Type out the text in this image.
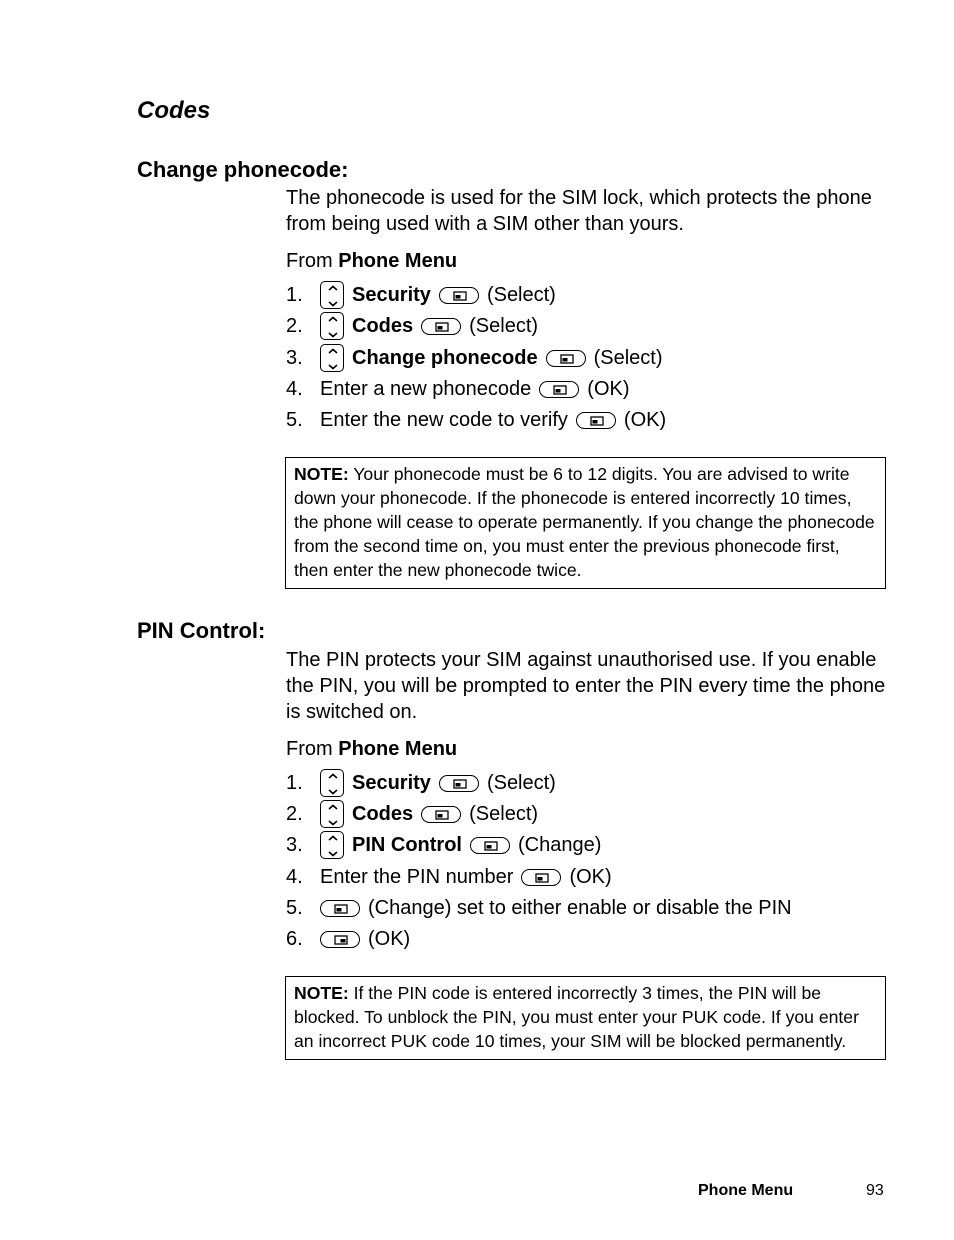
Codes
Change phonecode:
The phonecode is used for the SIM lock, which protects the phone from being used with a SIM other than yours.
From Phone Menu
1.	Security	(Select)
2.	Codes	(Select)
3.	Change phonecode	(Select)
4. Enter a new phonecode	(OK)
5. Enter the new code to verify	(OK)
NOTE: Your phonecode must be 6 to 12 digits. You are advised to write down your phonecode. If the phonecode is entered incorrectly 10 times, the phone will cease to operate permanently. If you change the phonecode from the second time on, you must enter the previous phonecode first, then enter the new phonecode twice.
PIN Control:
The PIN protects your SIM against unauthorised use. If you enable the PIN, you will be prompted to enter the PIN every time the phone is switched on.
From Phone Menu
1.	Security	(Select)
2.	Codes	(Select)
3.	PIN Control	(Change)
4. Enter the PIN number	(OK)
5.	(Change) set to either enable or disable the PIN
6.	(OK)
NOTE: If the PIN code is entered incorrectly 3 times, the PIN will be blocked. To unblock the PIN, you must enter your PUK code. If you enter an incorrect PUK code 10 times, your SIM will be blocked permanently.
Phone Menu	93
